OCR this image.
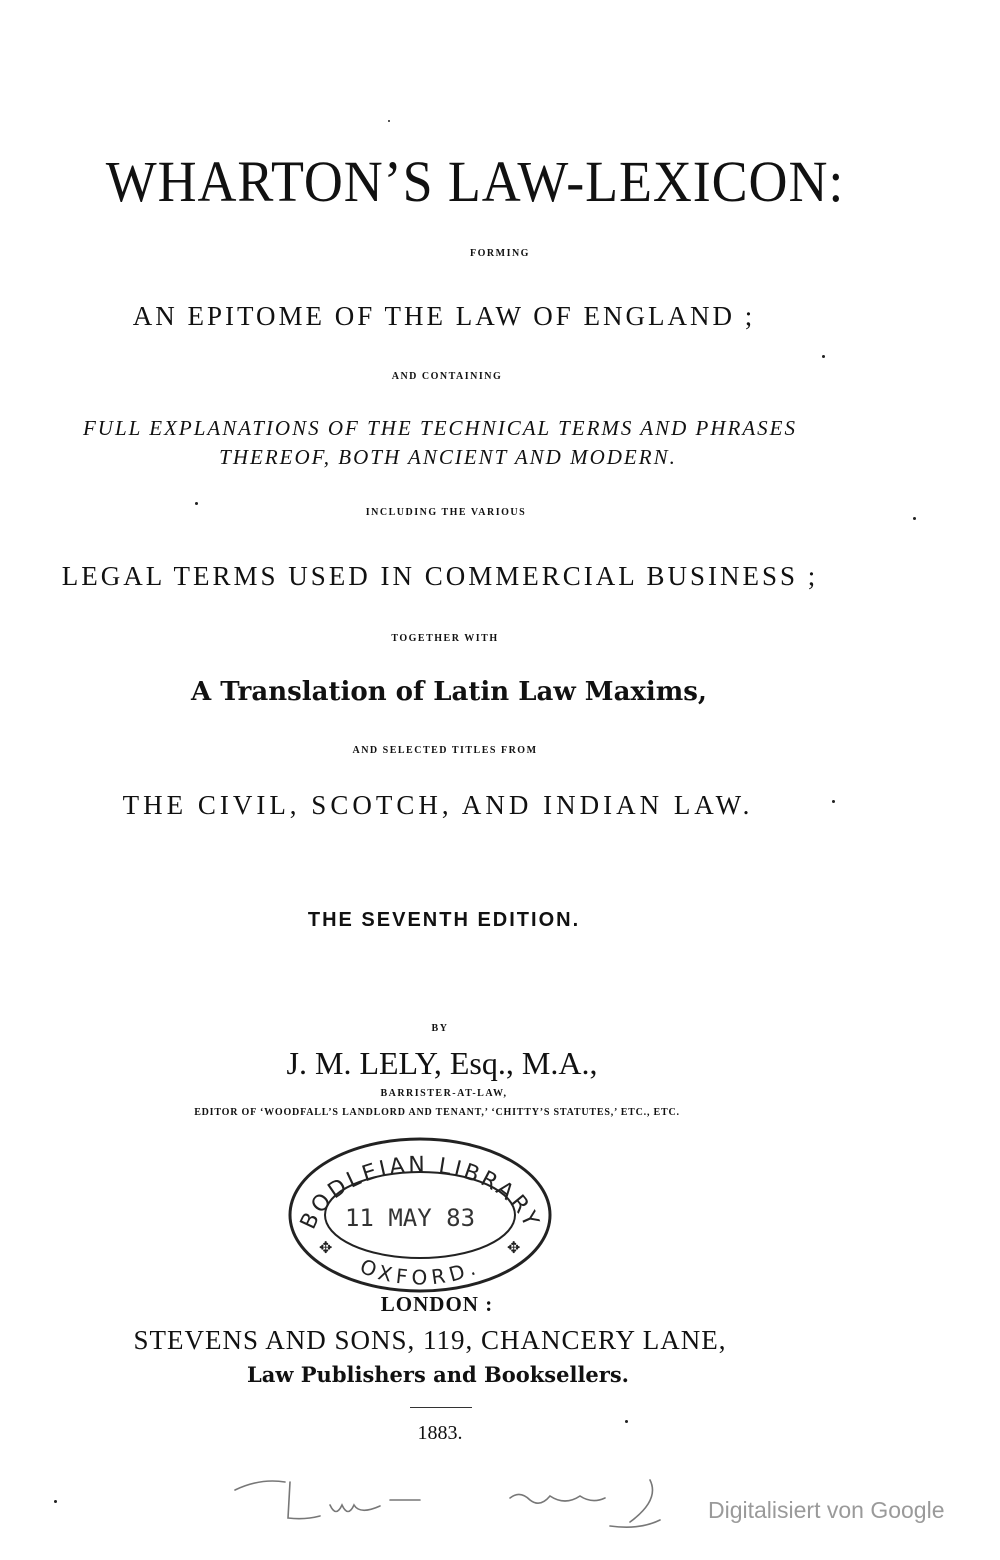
WHARTON’S LAW-LEXICON:
FORMING
AN EPITOME OF THE LAW OF ENGLAND ;
AND CONTAINING
FULL EXPLANATIONS OF THE TECHNICAL TERMS AND PHRASES
THEREOF, BOTH ANCIENT AND MODERN.
INCLUDING THE VARIOUS
LEGAL TERMS USED IN COMMERCIAL BUSINESS ;
TOGETHER WITH
A Translation of Latin Law Maxims,
AND SELECTED TITLES FROM
THE CIVIL, SCOTCH, AND INDIAN LAW.
THE SEVENTH EDITION.
BY
J. M. LELY, Esq., M.A.,
BARRISTER-AT-LAW,
EDITOR OF ‘WOODFALL’S LANDLORD AND TENANT,’ ‘CHITTY’S STATUTES,’ ETC., ETC.
BODLEIAN LIBRARY
OXFORD.
11 MAY 83
✥	✥
LONDON :
STEVENS AND SONS, 119, CHANCERY LANE,
Law Publishers and Booksellers.
1883.
Law	Digitalisiert von Google
